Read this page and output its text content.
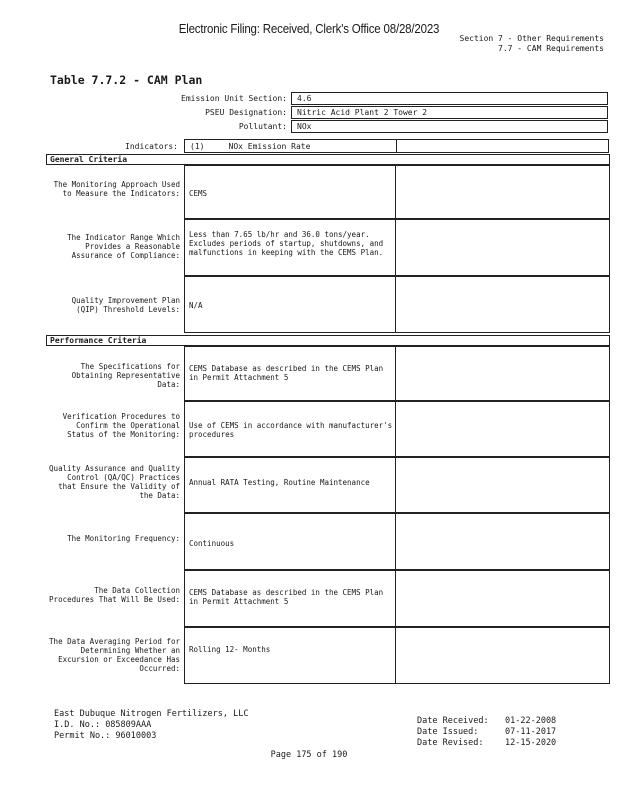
Electronic Filing: Received, Clerk's Office 08/28/2023
Section 7 - Other Requirements
7.7 - CAM Requirements
Table 7.7.2 - CAM Plan
Emission Unit Section:	4.6
PSEU Designation:	Nitric Acid Plant 2 Tower 2
Pollutant:	NOx
Indicators: (1)     NOx Emission Rate
General Criteria
The Monitoring Approach Used to Measure the Indicators: CEMS
The Indicator Range Which Provides a Reasonable Assurance of Compliance:
Less than 7.65 lb/hr and 36.0 tons/year. Excludes periods of startup, shutdowns, and malfunctions in keeping with the CEMS Plan.
Quality Improvement Plan (QIP) Threshold Levels: N/A
Performance Criteria
The Specifications for Obtaining Representative Data:
CEMS Database as described in the CEMS Plan in Permit Attachment 5
Verification Procedures to Confirm the Operational Status of the Monitoring:
Use of CEMS in accordance with manufacturer's procedures
Quality Assurance and Quality Control (QA/QC) Practices that Ensure the Validity of the Data:
Annual RATA Testing, Routine Maintenance
The Monitoring Frequency:
Continuous
The Data Collection Procedures That Will Be Used:
CEMS Database as described in the CEMS Plan in Permit Attachment 5
The Data Averaging Period for Determining Whether an Excursion or Exceedance Has Occurred:
Rolling 12- Months
East Dubuque Nitrogen Fertilizers, LLC
I.D. No.: 085809AAA
Permit No.: 96010003
Date Received: 01-22-2008
Date Issued:	07-11-2017
Date Revised:	12-15-2020
Page 175 of 190
